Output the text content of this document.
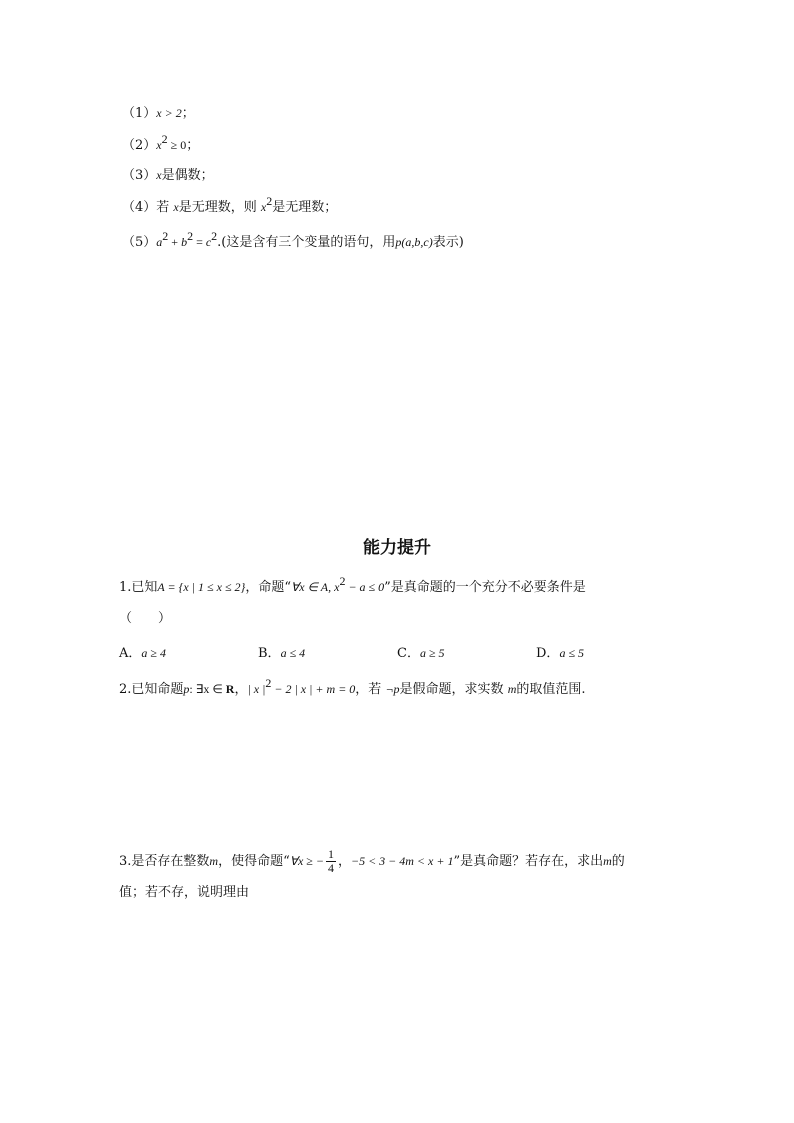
（1）x > 2；
$(2)x^2 \ge 0$；
（3）x是偶数；
（4）若 x是无理数，则 $x^2$是无理数；
$(5)a^2 + b^2 = c^2$.(这是含有三个变量的语句，用p(a,b,c)表示)
能力提升
1.已知A = {x | 1 ≤ x ≤ 2}，命题“∀x ∈ A, $x^2 - a \le 0$”是真命题的一个充分不必要条件是
（　　）
A．a ≥ 4	B．a ≤ 4	C．a ≥ 5	D．a ≤ 5
2.已知命题p: ∃x ∈ R，| x $|^2 - 2$ | x | + m = 0，若 ¬p是假命题，求实数 m的取值范围.
3.是否存在整数m，使得命题“∀x ≥ − $\frac{1}{4}$ ，−5 < 3 − 4m < x + 1”是真命题？若存在，求出m的
值；若不存，说明理由
